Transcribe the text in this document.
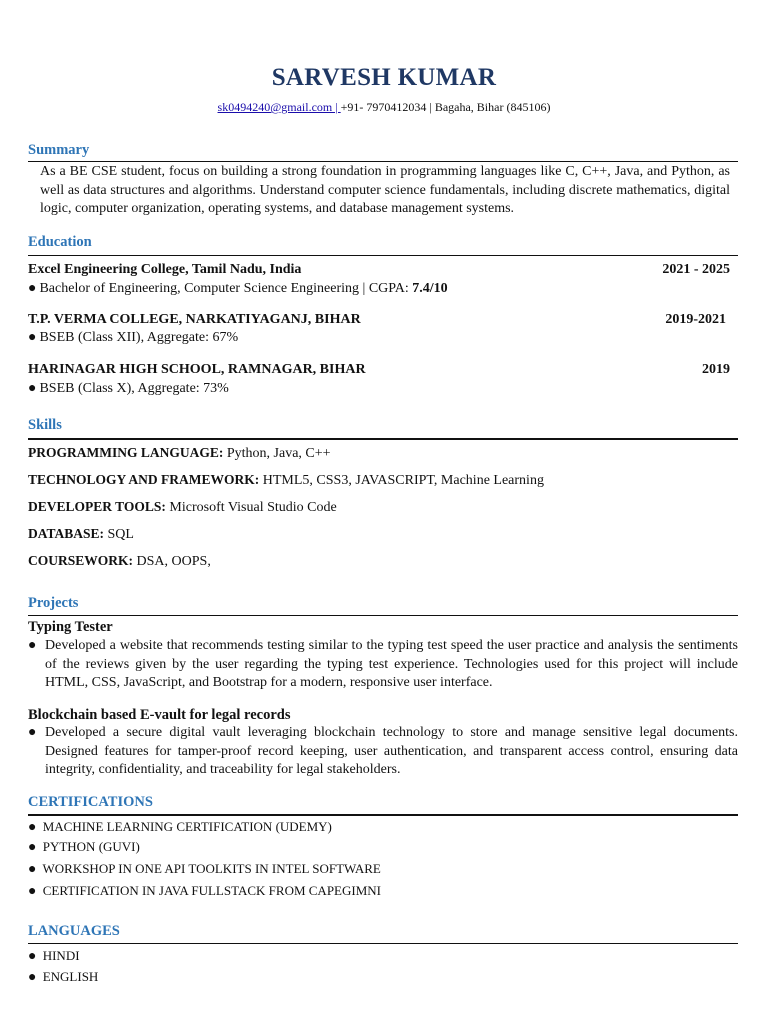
SARVESH KUMAR
sk0494240@gmail.com | +91- 7970412034 | Bagaha, Bihar (845106)
Summary
As a BE CSE student, focus on building a strong foundation in programming languages like C, C++, Java, and Python, as well as data structures and algorithms. Understand computer science fundamentals, including discrete mathematics, digital logic, computer organization, operating systems, and database management systems.
Education
Excel Engineering College, Tamil Nadu, India	2021 - 2025
● Bachelor of Engineering, Computer Science Engineering | CGPA: 7.4/10
T.P. VERMA COLLEGE, NARKATIYAGANJ, BIHAR	2019-2021
● BSEB (Class XII), Aggregate: 67%
HARINAGAR HIGH SCHOOL, RAMNAGAR, BIHAR	2019
● BSEB (Class X), Aggregate: 73%
Skills
PROGRAMMING LANGUAGE: Python, Java, C++
TECHNOLOGY AND FRAMEWORK: HTML5, CSS3, JAVASCRIPT, Machine Learning
DEVELOPER TOOLS: Microsoft Visual Studio Code
DATABASE: SQL
COURSEWORK: DSA, OOPS,
Projects
Typing Tester
● Developed a website that recommends testing similar to the typing test speed the user practice and analysis the sentiments of the reviews given by the user regarding the typing test experience. Technologies used for this project will include HTML, CSS, JavaScript, and Bootstrap for a modern, responsive user interface.
Blockchain based E-vault for legal records
● Developed a secure digital vault leveraging blockchain technology to store and manage sensitive legal documents. Designed features for tamper-proof record keeping, user authentication, and transparent access control, ensuring data integrity, confidentiality, and traceability for legal stakeholders.
CERTIFICATIONS
● MACHINE LEARNING CERTIFICATION (UDEMY)
● PYTHON (GUVI)
● WORKSHOP IN ONE API TOOLKITS IN INTEL SOFTWARE
● CERTIFICATION IN JAVA FULLSTACK FROM CAPEGIMNI
LANGUAGES
● HINDI
● ENGLISH
